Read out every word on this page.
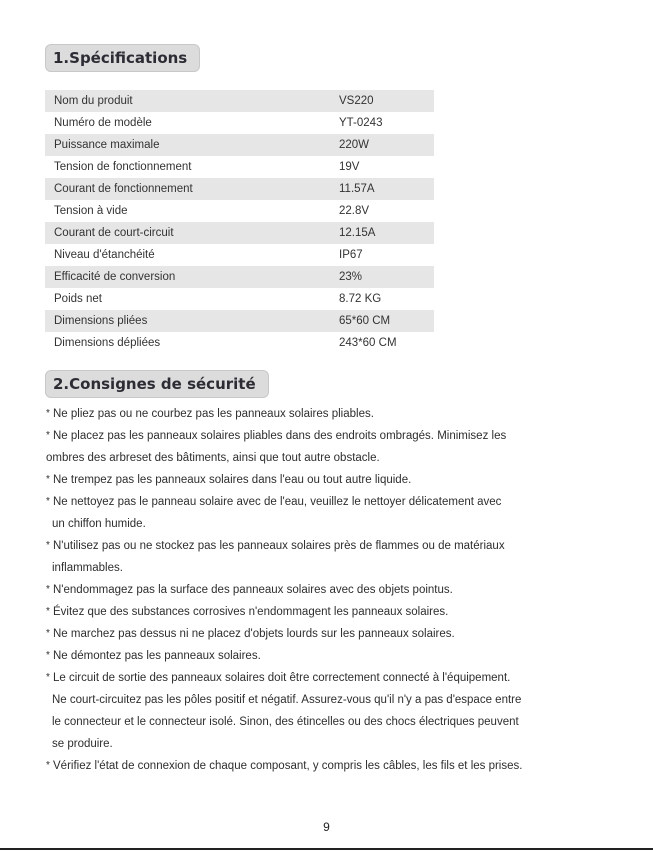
1.Spécifications
Nom du produit	VS220
Numéro de modèle	YT-0243
Puissance maximale	220W
Tension de fonctionnement	19V
Courant de fonctionnement	11.57A
Tension à vide	22.8V
Courant de court-circuit	12.15A
Niveau d'étanchéité	IP67
Efficacité de conversion	23%
Poids net	8.72 KG
Dimensions pliées	65*60 CM
Dimensions dépliées	243*60 CM
2.Consignes de sécurité
* Ne pliez pas ou ne courbez pas les panneaux solaires pliables.
* Ne placez pas les panneaux solaires pliables dans des endroits ombragés. Minimisez les
ombres des arbreset des bâtiments, ainsi que tout autre obstacle.
* Ne trempez pas les panneaux solaires dans l'eau ou tout autre liquide.
* Ne nettoyez pas le panneau solaire avec de l'eau, veuillez le nettoyer délicatement avec
un chiffon humide.
* N'utilisez pas ou ne stockez pas les panneaux solaires près de flammes ou de matériaux
inflammables.
* N'endommagez pas la surface des panneaux solaires avec des objets pointus.
* Évitez que des substances corrosives n'endommagent les panneaux solaires.
* Ne marchez pas dessus ni ne placez d'objets lourds sur les panneaux solaires.
* Ne démontez pas les panneaux solaires.
* Le circuit de sortie des panneaux solaires doit être correctement connecté à l'équipement.
Ne court-circuitez pas les pôles positif et négatif. Assurez-vous qu'il n'y a pas d'espace entre
le connecteur et le connecteur isolé. Sinon, des étincelles ou des chocs électriques peuvent
se produire.
* Vérifiez l'état de connexion de chaque composant, y compris les câbles, les fils et les prises.
9
